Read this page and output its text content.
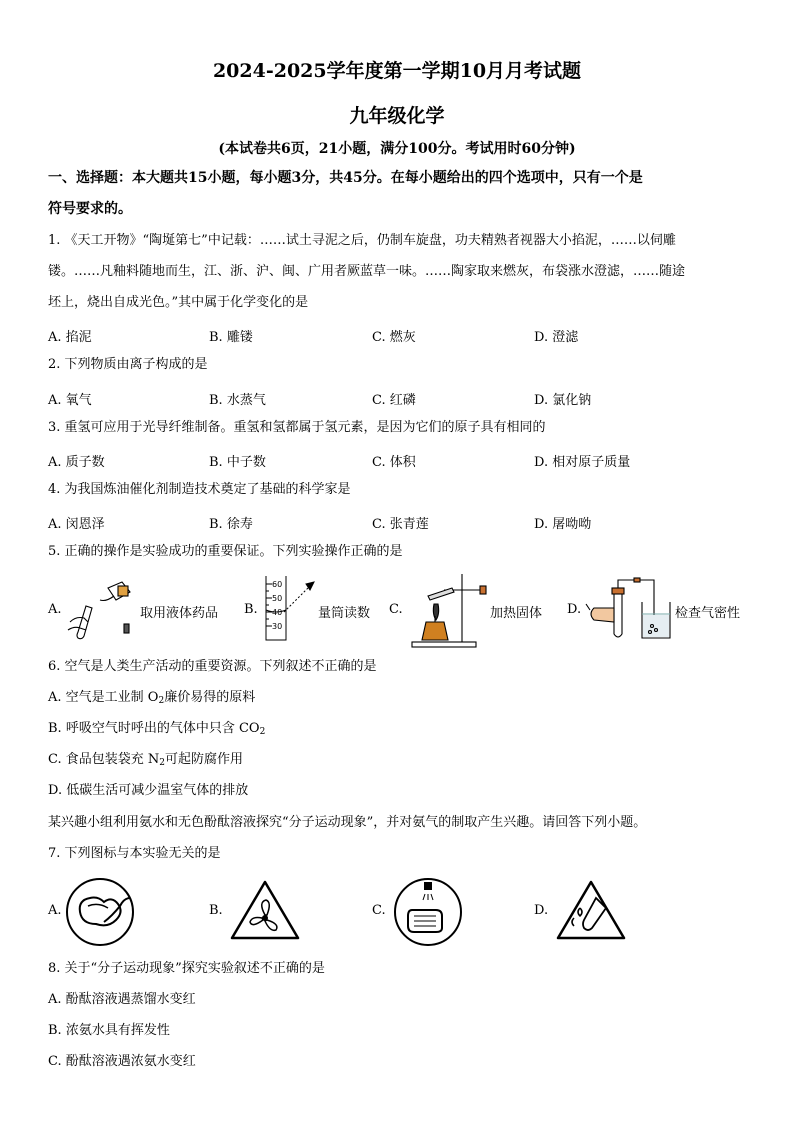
2024-2025学年度第一学期10月月考试题
九年级化学
(本试卷共6页，21小题，满分100分。考试用时60分钟)
一、选择题：本大题共15小题，每小题3分，共45分。在每小题给出的四个选项中，只有一个是
符号要求的。
1. 《天工开物》“陶埏第七”中记载：……试土寻泥之后，仍制车旋盘，功夫精熟者视器大小掐泥，……以伺雕
镂。……凡釉料随地而生，江、浙、沪、闽、广用者厥蓝草一味。……陶家取来燃灰，布袋涨水澄滤，……随途
坯上，烧出自成光色。”其中属于化学变化的是
A. 掐泥	B. 雕镂	C. 燃灰	D. 澄滤
2. 下列物质由离子构成的是
A. 氧气	B. 水蒸气	C. 红磷	D. 氯化钠
3. 重氢可应用于光导纤维制备。重氢和氢都属于氢元素，是因为它们的原子具有相同的
A. 质子数	B. 中子数	C. 体积	D. 相对原子质量
4. 为我国炼油催化剂制造技术奠定了基础的科学家是
A. 闵恩泽	B. 徐寿	C. 张青莲	D. 屠呦呦
5. 正确的操作是实验成功的重要保证。下列实验操作正确的是
A.	取用液体药品 B.
60
50
40
30
量筒读数 C.	加热固体 D.	检查气密性
6. 空气是人类生产活动的重要资源。下列叙述不正确的是
A. 空气是工业制 $O_2$廉价易得的原料
B. 呼吸空气时呼出的气体中只含 $CO_2$
C. 食品包装袋充 $N_2$可起防腐作用
D. 低碳生活可减少温室气体的排放
某兴趣小组利用氨水和无色酚酞溶液探究“分子运动现象”，并对氨气的制取产生兴趣。请回答下列小题。
7. 下列图标与本实验无关的是
A.	B.	C.	D.
8. 关于“分子运动现象”探究实验叙述不正确的是
A. 酚酞溶液遇蒸馏水变红
B. 浓氨水具有挥发性
C. 酚酞溶液遇浓氨水变红
